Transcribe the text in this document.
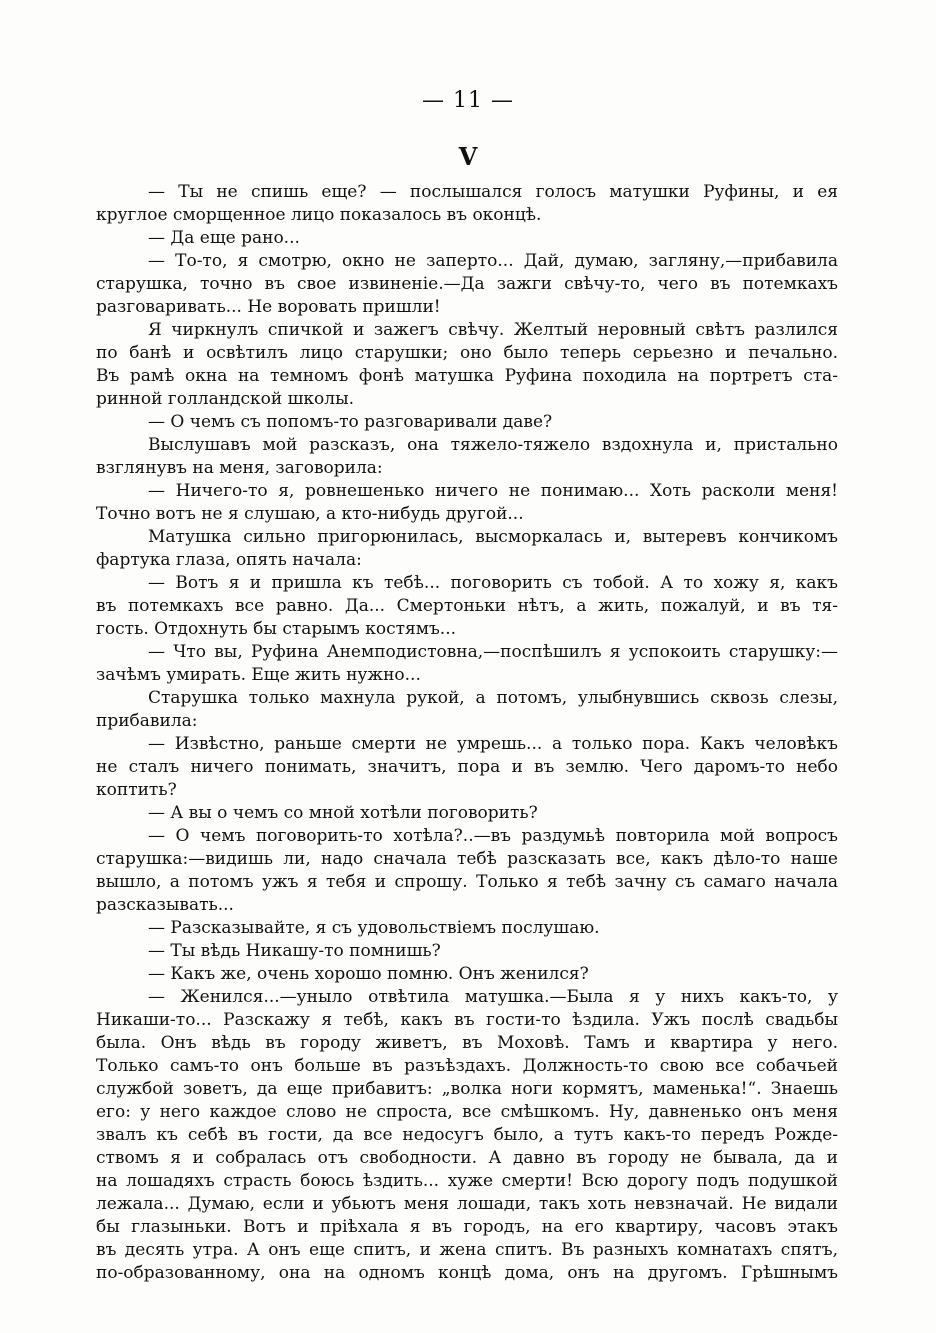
— 11 —
V
— Ты не спишь еще? — послышался голосъ матушки Руфины, и ея
круглое сморщенное лицо показалось въ оконцѣ.
— Да еще рано...
— То-то, я смотрю, окно не заперто... Дай, думаю, загляну,—прибавила
старушка, точно въ свое извиненіе.—Да зажги свѣчу-то, чего въ потемкахъ
разговаривать... Не воровать пришли!
Я чиркнулъ спичкой и зажегъ свѣчу. Желтый неровный свѣтъ разлился
по банѣ и освѣтилъ лицо старушки; оно было теперь серьезно и печально.
Въ рамѣ окна на темномъ фонѣ матушка Руфина походила на портретъ ста-
ринной голландской школы.
— О чемъ съ попомъ-то разговаривали даве?
Выслушавъ мой разсказъ, она тяжело-тяжело вздохнула и, пристально
взглянувъ на меня, заговорила:
— Ничего-то я, ровнешенько ничего не понимаю... Хоть расколи меня!
Точно вотъ не я слушаю, а кто-нибудь другой...
Матушка сильно пригорюнилась, высморкалась и, вытеревъ кончикомъ
фартука глаза, опять начала:
— Вотъ я и пришла къ тебѣ... поговорить съ тобой. А то хожу я, какъ
въ потемкахъ все равно. Да... Смертоньки нѣтъ, а жить, пожалуй, и въ тя-
гость. Отдохнуть бы старымъ костямъ...
— Что вы, Руфина Анемподистовна,—поспѣшилъ я успокоить старушку:—
зачѣмъ умирать. Еще жить нужно...
Старушка только махнула рукой, а потомъ, улыбнувшись сквозь слезы,
прибавила:
— Извѣстно, раньше смерти не умрешь... а только пора. Какъ человѣкъ
не сталъ ничего понимать, значитъ, пора и въ землю. Чего даромъ-то небо
коптить?
— А вы о чемъ со мной хотѣли поговорить?
— О чемъ поговорить-то хотѣла?..—въ раздумьѣ повторила мой вопросъ
старушка:—видишь ли, надо сначала тебѣ разсказать все, какъ дѣло-то наше
вышло, а потомъ ужъ я тебя и спрошу. Только я тебѣ зачну съ самаго начала
разсказывать...
— Разсказывайте, я съ удовольствіемъ послушаю.
— Ты вѣдь Никашу-то помнишь?
— Какъ же, очень хорошо помню. Онъ женился?
— Женился...—уныло отвѣтила матушка.—Была я у нихъ какъ-то, у
Никаши-то... Разскажу я тебѣ, какъ въ гости-то ѣздила. Ужъ послѣ свадьбы
была. Онъ вѣдь въ городу живетъ, въ Моховѣ. Тамъ и квартира у него.
Только самъ-то онъ больше въ разъѣздахъ. Должность-то свою все собачьей
службой зоветъ, да еще прибавитъ: „волка ноги кормятъ, маменька!“. Знаешь
его: у него каждое слово не спроста, все смѣшкомъ. Ну, давненько онъ меня
звалъ къ себѣ въ гости, да все недосугъ было, а тутъ какъ-то передъ Рожде-
ствомъ я и собралась отъ свободности. А давно въ городу не бывала, да и
на лошадяхъ страсть боюсь ѣздить... хуже смерти! Всю дорогу подъ подушкой
лежала... Думаю, если и убьютъ меня лошади, такъ хоть невзначай. Не видали
бы глазыньки. Вотъ и пріѣхала я въ городъ, на его квартиру, часовъ этакъ
въ десять утра. А онъ еще спитъ, и жена спитъ. Въ разныхъ комнатахъ спятъ,
по-образованному, она на одномъ концѣ дома, онъ на другомъ. Грѣшнымъ
